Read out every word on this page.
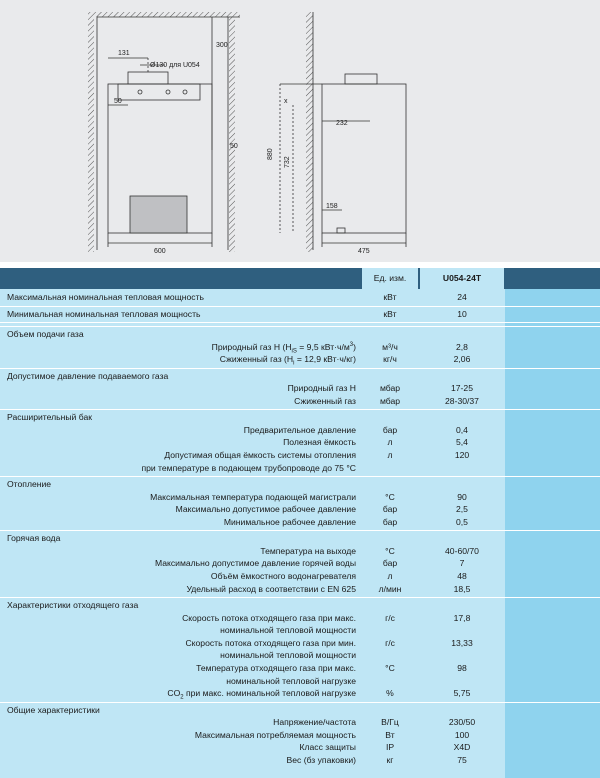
131
Ø130 для U054
300
50
50
600
x
232
880
732
158
475
Ед. изм.	U054-24T
Максимальная номинальная тепловая мощность	кВт	24
Минимальная номинальная тепловая мощность	кВт	10
Объем подачи газа
Природный газ H ($H_{iS} = 9,5$ $кВт\cdot ч/м^3$)	м³/ч	2,8
Сжиженный газ ($H_i = 12,9$ кВт·ч/кг)	кг/ч	2,06
Допустимое давление подаваемого газа
Природный газ H	мбар	17-25
Сжиженный газ	мбар	28-30/37
Расширительный бак
Предварительное давление	бар	0,4
Полезная ёмкость	л	5,4
Допустимая общая ёмкость системы отопления	л	120
при температуре в подающем трубопроводе до 75 °C
Отопление
Максимальная температура подающей магистрали	°C	90
Максимально допустимое рабочее давление	бар	2,5
Минимальное рабочее давление	бар	0,5
Горячая вода
Температура на выходе	°C	40-60/70
Максимально допустимое давление горячей воды	бар	7
Объём ёмкостного водонагревателя	л	48
Удельный расход в соответствии с EN 625	л/мин	18,5
Характеристики отходящего газа
Скорость потока отходящего газа при макс.	г/с	17,8
номинальной тепловой мощности
Скорость потока отходящего газа при мин.	г/с	13,33
номинальной тепловой мощности
Температура отходящего газа при макс.	°C	98
номинальной тепловой нагрузке
$CO_2$ при макс. номинальной тепловой нагрузке	%	5,75
Общие характеристики
Напряжение/частота	В/Гц	230/50
Максимальная потребляемая мощность	Вт	100
Класс защиты	IP	X4D
Вес (бз упаковки)	кг	75
